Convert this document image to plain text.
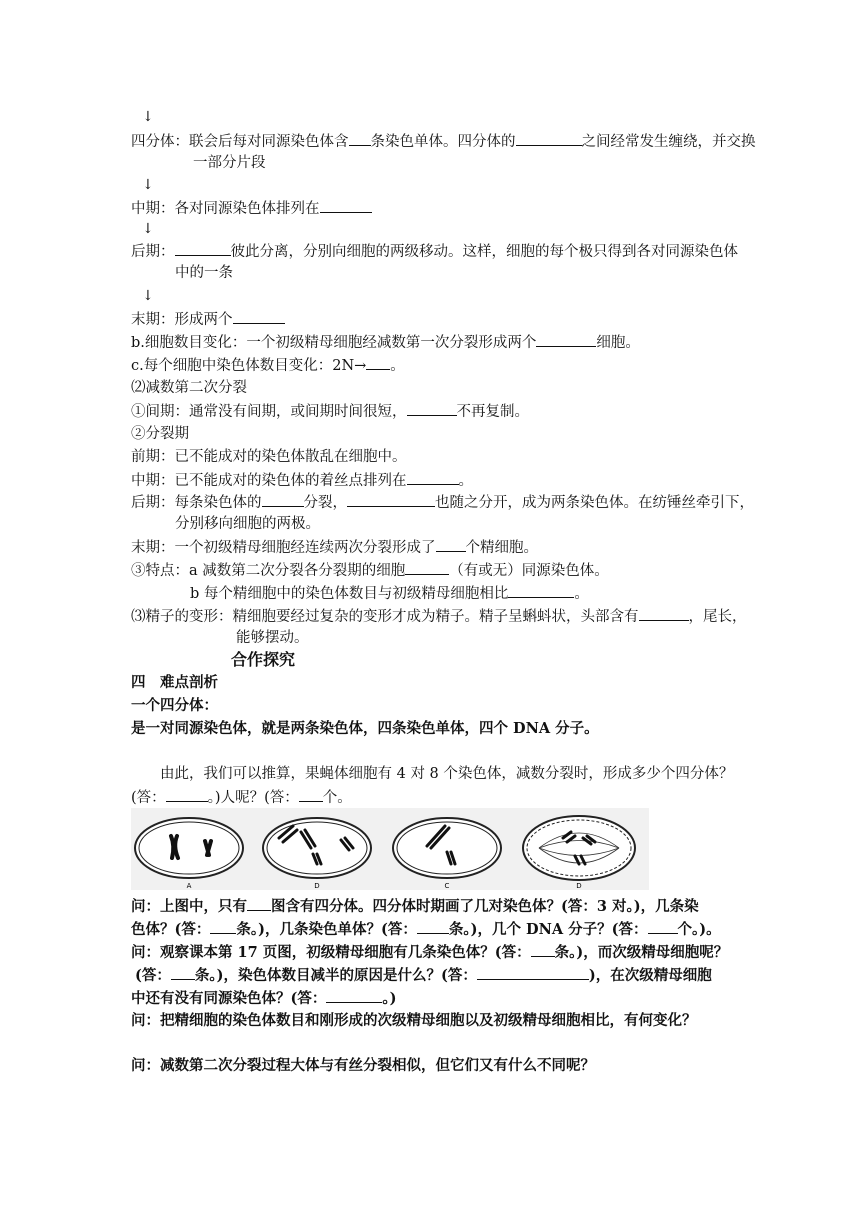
↓
四分体：联会后每对同源染色体含 条染色单体。四分体的	之间经常发生缠绕，并交换
一部分片段
↓
中期：各对同源染色体排列在
↓
后期：	彼此分离，分别向细胞的两级移动。这样，细胞的每个极只得到各对同源染色体
中的一条
↓
末期：形成两个
b.细胞数目变化：一个初级精母细胞经减数第一次分裂形成两个	细胞。
c.每个细胞中染色体数目变化：2N→ 。
⑵减数第二次分裂
①间期：通常没有间期，或间期时间很短，	不再复制。
②分裂期
前期：已不能成对的染色体散乱在细胞中。
中期：已不能成对的染色体的着丝点排列在	。
后期：每条染色体的	分裂，	也随之分开，成为两条染色体。在纺锤丝牵引下，
分别移向细胞的两极。
末期：一个初级精母细胞经连续两次分裂形成了 个精细胞。
③特点：a 减数第二次分裂各分裂期的细胞	（有或无）同源染色体。
b 每个精细胞中的染色体数目与初级精母细胞相比	。
⑶精子的变形：精细胞要经过复杂的变形才成为精子。精子呈蝌蚪状，头部含有	，尾长，
能够摆动。
合作探究
四　难点剖析
一个四分体：
是一对同源染色体，就是两条染色体，四条染色单体，四个 DNA 分子。
由此，我们可以推算，果蝇体细胞有 4 对 8 个染色体，减数分裂时，形成多少个四分体？
(答：	。)人呢？(答： 个。
A	D	C	D
问：上图中，只有 图含有四分体。四分体时期画了几对染色体？(答：3 对。)，几条染
色体？(答： 条。)，几条染色单体？(答： 条。)，几个 DNA 分子？(答： 个。)。
问：观察课本第 17 页图，初级精母细胞有几条染色体？(答： 条。)，而次级精母细胞呢？
(答： 条。)，染色体数目减半的原因是什么？(答：	)，在次级精母细胞
中还有没有同源染色体？(答：	。)
问：把精细胞的染色体数目和刚形成的次级精母细胞以及初级精母细胞相比，有何变化？
问：减数第二次分裂过程大体与有丝分裂相似，但它们又有什么不同呢？
